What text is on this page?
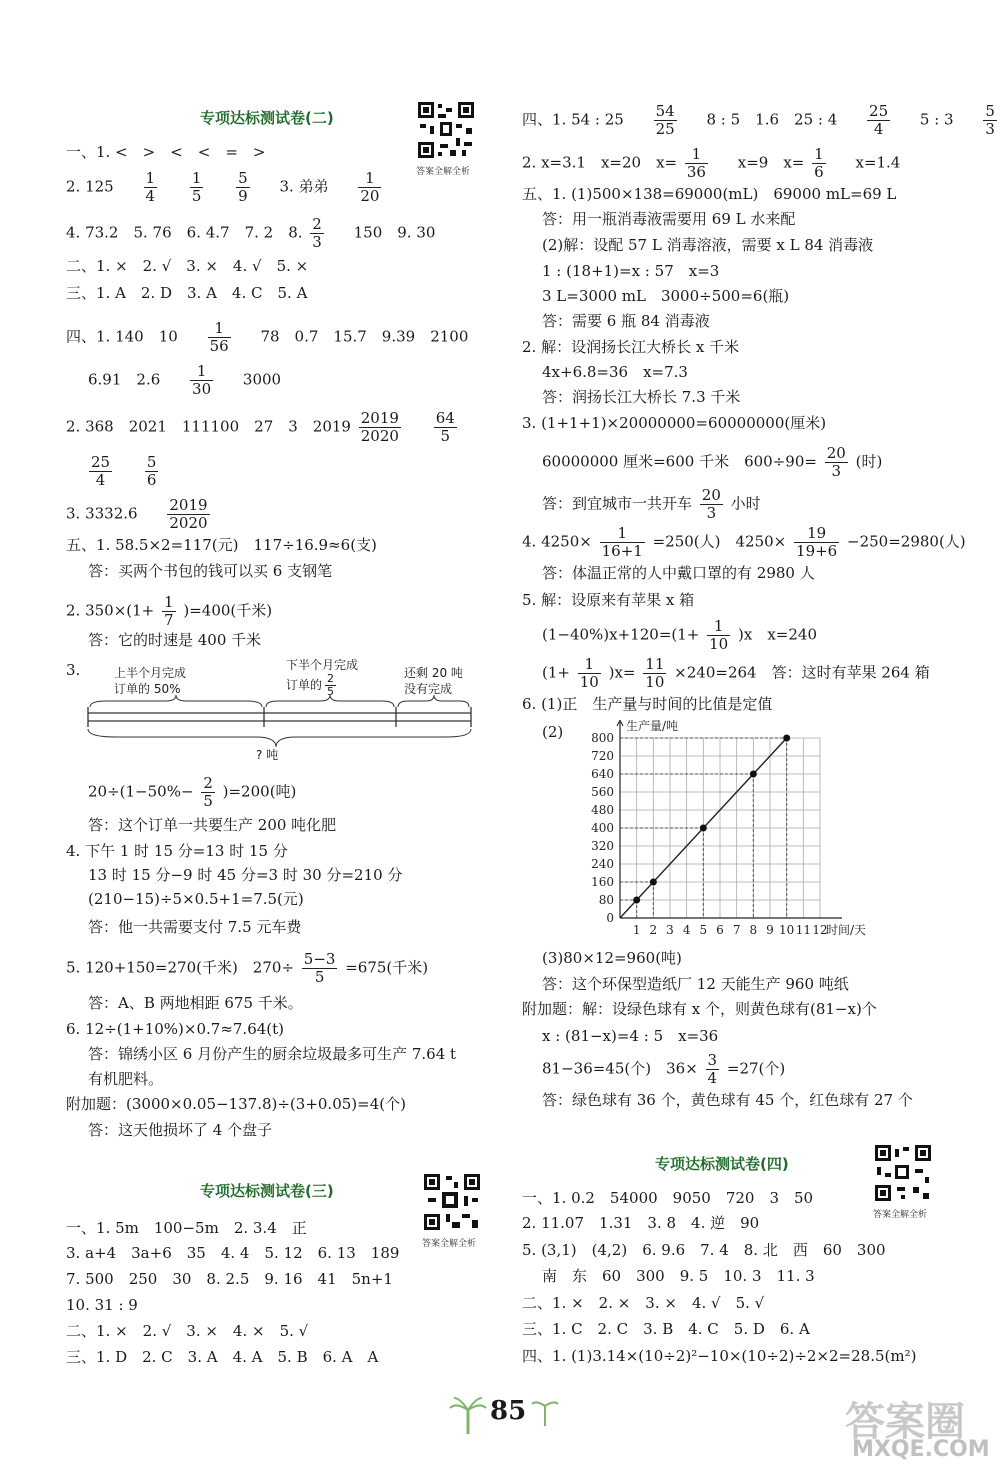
专项达标测试卷(二)
答案全解全析
一、1. <　>　<　<　=　>
2. $125 \frac{1}{4}$
$\frac{1}{5}$
$\frac{5}{9} 3$. 弟弟 $\frac{1}{20}$
4. 73.2　5. 76　6. 4.7　7. 2　8. $\frac{2}{3} 150$　9. 30
二、1. ×　2. √　3. ×　4. √　5. ×
三、1. A　2. D　3. A　4. C　5. A
四、1. 140　$10 \frac{1}{56} 78$　0.7　15.7　9.39　2100
6.91　$2.6 \frac{1}{30} 3000$
2. 368　2021　111100　27　3　$2019 \frac{2019}{2020}$
$\frac{64}{5}$
$\frac{25}{4}$
$\frac{5}{6}$
3. $3332.6 \frac{2019}{2020}$
五、1. 58.5×2=117(元)　117÷16.9≈6(支)
答：买两个书包的钱可以买 6 支钢笔
2. $350\times(1+ \frac{1}{7} )=400$(千米)
答：它的时速是 400 千米
3.	上半个月完成
订单的 50%
下半个月完成
订单的 $\frac{2}{5}$	还剩 20 吨
没有完成
? 吨
$20\div(1-50\%- \frac{2}{5} )=200$(吨)
答：这个订单一共要生产 200 吨化肥
4. 下午 1 时 15 分=13 时 15 分
13 时 15 分−9 时 45 分=3 时 30 分=210 分
(210−15)÷5×0.5+1=7.5(元)
答：他一共需要支付 7.5 元车费
5. 120+150=270(千米)　$270\div \frac{5-3}{5} =675$(千米)
答：A、B 两地相距 675 千米。
6. 12÷(1+10%)×0.7≈7.64(t)
答：锦绣小区 6 月份产生的厨余垃圾最多可生产 7.64 t
有机肥料。
附加题：(3000×0.05−137.8)÷(3+0.05)=4(个)
答：这天他损坏了 4 个盘子
专项达标测试卷(三)
答案全解全析
一、1. 5m　100−5m　2. 3.4　正
3. a+4　3a+6　35　4. 4　5. 12　6. 13　189
7. 500　250　30　8. 2.5　9. 16　41　5n+1
10. 31 : 9
二、1. ×　2. √　3. ×　4. ×　5. √
三、1. D　2. C　3. A　4. A　5. B　6. A　A
四、1. 54 : $25 \frac{54}{25} 8$ : 5　1.6　25 : $4 \frac{25}{4} 5$ : $3 \frac{5}{3}$
2. x=3.1　x=20　$x= \frac{1}{36} x=9$　$x= \frac{1}{6} x=1.4$
五、1. (1)500×138=69000(mL)　69000 mL=69 L
答：用一瓶消毒液需要用 69 L 水来配
(2)解：设配 57 L 消毒溶液，需要 x L 84 消毒液
1 : (18+1)=x : 57　x=3
3 L=3000 mL　3000÷500=6(瓶)
答：需要 6 瓶 84 消毒液
2. 解：设润扬长江大桥长 x 千米
4x+6.8=36　x=7.3
答：润扬长江大桥长 7.3 千米
3. (1+1+1)×20000000=60000000(厘米)
60000000 厘米=600 千米　$600\div 90= \frac{20}{3}$ (时)
答：到宜城市一共开车 $\frac{20}{3}$ 小时
4. $4250\times \frac{1}{16+1} =250$(人)　$4250\times \frac{19}{19+6} -250=2980$(人)
答：体温正常的人中戴口罩的有 2980 人
5. 解：设原来有苹果 x 箱
$(1-40\%)x+120=(1+ \frac{1}{10} )x$　x=240
$(1+ \frac{1}{10} )x= \frac{11}{10} \times 240=264$　答：这时有苹果 264 箱
6. (1)正　生产量与时间的比值是定值
(2)
1 2 3 4 5 6 7 8 9 10 11 12
0
80
160
240
320
400
480
560
640
720
800
生产量/吨
时间/天
(3)80×12=960(吨)
答：这个环保型造纸厂 12 天能生产 960 吨纸
附加题：解：设绿色球有 x 个，则黄色球有(81−x)个
x : (81−x)=4 : 5　x=36
81−36=45(个)　$36\times \frac{3}{4} =27$(个)
答：绿色球有 36 个，黄色球有 45 个，红色球有 27 个
专项达标测试卷(四)
答案全解全析
一、1. 0.2　54000　9050　720　3　50
2. 11.07　1.31　3. 8　4. 逆　90
5. (3,1)　(4,2)　6. 9.6　7. 4　8. 北　西　60　300
南　东　60　300　9. 5　10. 3　11. 3
二、1. ×　2. ×　3. ×　4. √　5. √
三、1. C　2. C　3. B　4. C　5. D　6. A
四、1. (1)3.14×(10÷2)²−10×(10÷2)÷2×2=28.5(m²)
85	答案圈
MXQE.COM
